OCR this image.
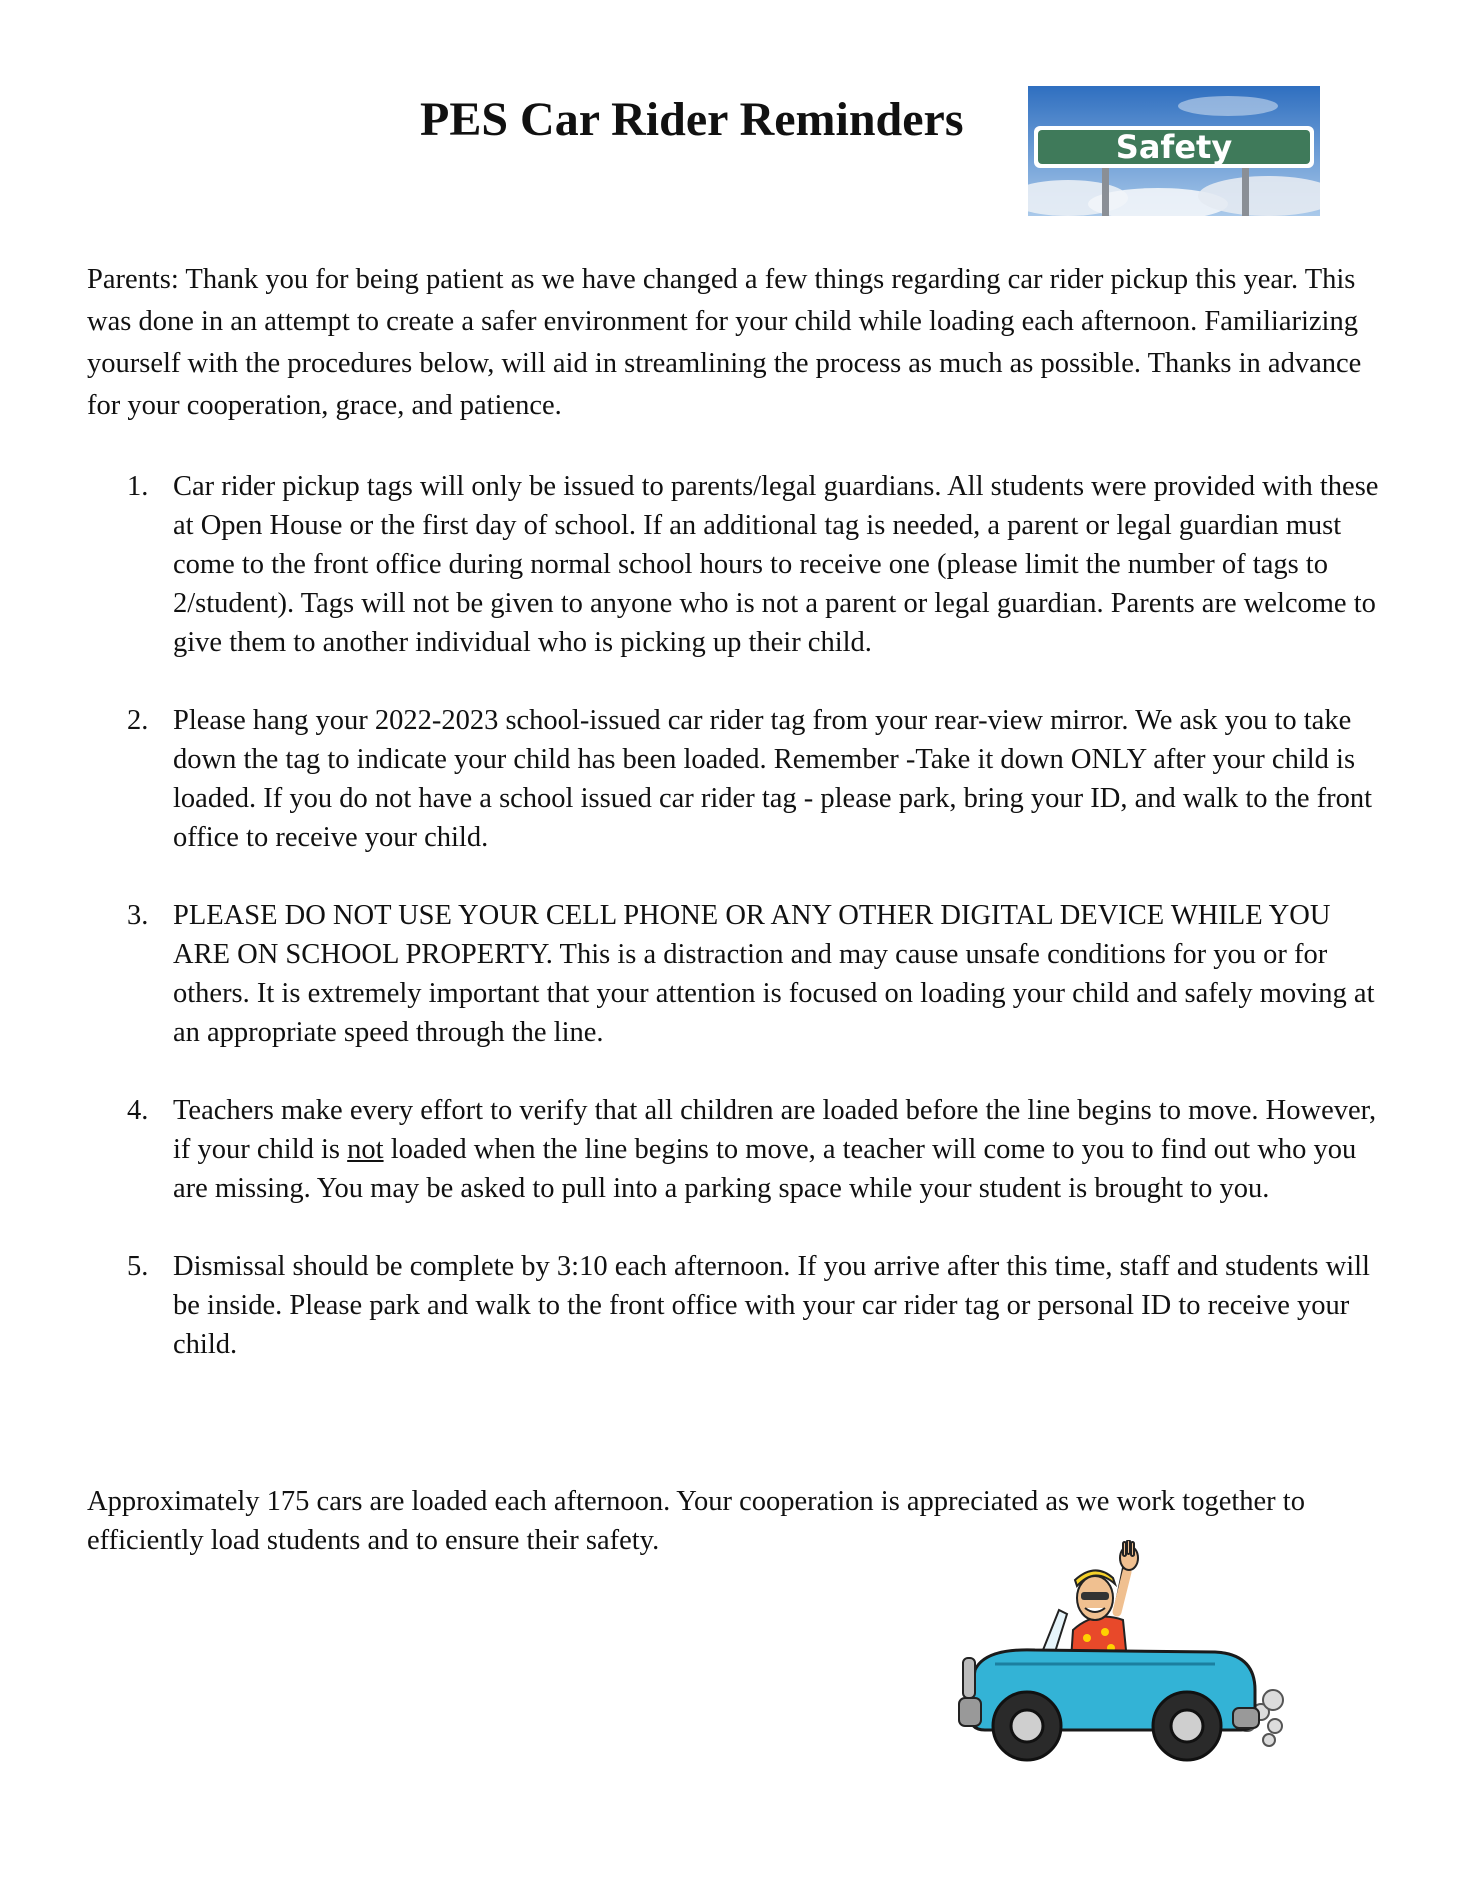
PES Car Rider Reminders
Safety

Parents: Thank you for being patient as we have changed a few things regarding car rider pickup this year. This was done in an attempt to create a safer environment for your child while loading each afternoon. Familiarizing yourself with the procedures below, will aid in streamlining the process as much as possible. Thanks in advance for your cooperation, grace, and patience.

1. Car rider pickup tags will only be issued to parents/legal guardians. All students were provided with these at Open House or the first day of school. If an additional tag is needed, a parent or legal guardian must come to the front office during normal school hours to receive one (please limit the number of tags to 2/student). Tags will not be given to anyone who is not a parent or legal guardian. Parents are welcome to give them to another individual who is picking up their child.
2. Please hang your 2022-2023 school-issued car rider tag from your rear-view mirror. We ask you to take down the tag to indicate your child has been loaded. Remember -Take it down ONLY after your child is loaded. If you do not have a school issued car rider tag - please park, bring your ID, and walk to the front office to receive your child.
3. PLEASE DO NOT USE YOUR CELL PHONE OR ANY OTHER DIGITAL DEVICE WHILE YOU ARE ON SCHOOL PROPERTY. This is a distraction and may cause unsafe conditions for you or for others. It is extremely important that your attention is focused on loading your child and safely moving at an appropriate speed through the line.
4. Teachers make every effort to verify that all children are loaded before the line begins to move. However, if your child is not loaded when the line begins to move, a teacher will come to you to find out who you are missing. You may be asked to pull into a parking space while your student is brought to you.
5. Dismissal should be complete by 3:10 each afternoon. If you arrive after this time, staff and students will be inside. Please park and walk to the front office with your car rider tag or personal ID to receive your child.

Approximately 175 cars are loaded each afternoon. Your cooperation is appreciated as we work together to efficiently load students and to ensure their safety.
